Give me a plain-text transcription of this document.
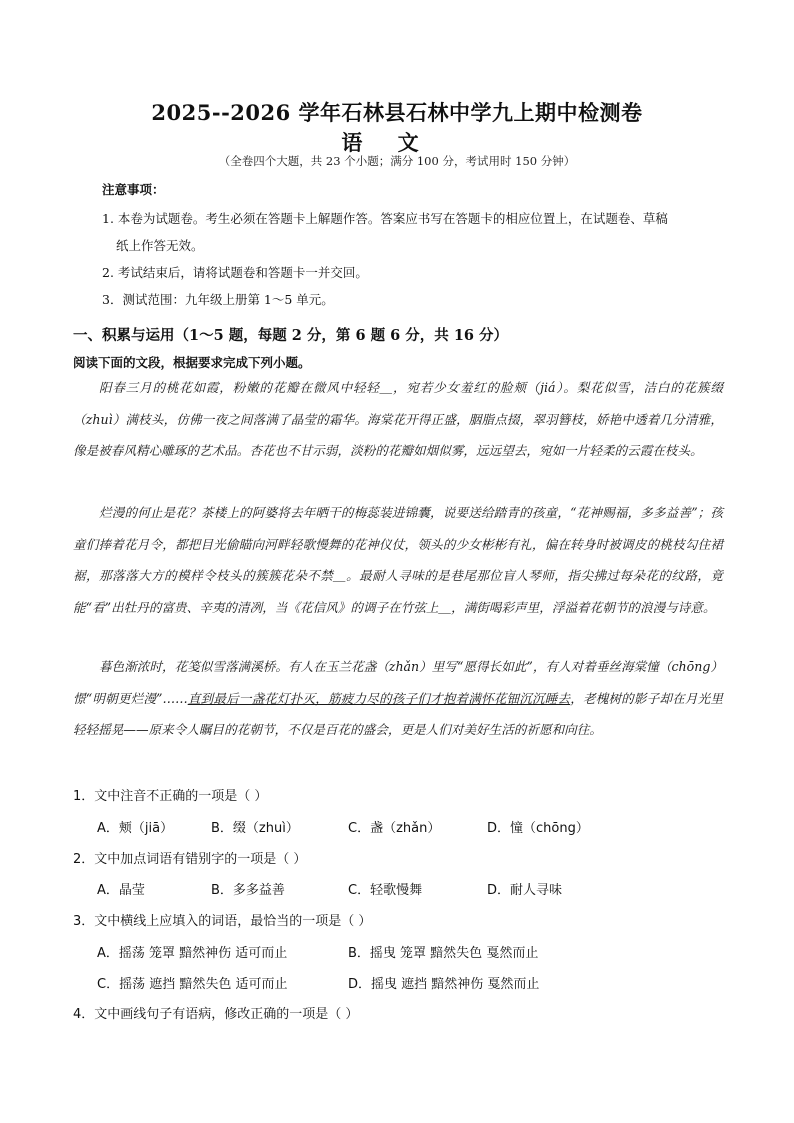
2025--2026 学年石林县石林中学九上期中检测卷
语 文
（全卷四个大题，共 23 个小题；满分 100 分，考试用时 150 分钟）
注意事项：
1. 本卷为试题卷。考生必须在答题卡上解题作答。答案应书写在答题卡的相应位置上，在试题卷、草稿
纸上作答无效。
2. 考试结束后，请将试题卷和答题卡一并交回。
3．测试范围：九年级上册第 1～5 单元。
一、积累与运用（1～5 题，每题 2 分，第 6 题 6 分，共 16 分）
阅读下面的文段，根据要求完成下列小题。
阳春三月的桃花如霞，粉嫩的花瓣在微风中轻轻＿，宛若少女羞红的脸颊（jiá）。梨花似雪，洁白的花簇缀（zhuì）满枝头，仿佛一夜之间落满了晶莹的霜华。海棠花开得正盛，胭脂点掇，翠羽簪枝，娇艳中透着几分清雅，像是被春风精心雕琢的艺术品。杏花也不甘示弱，淡粉的花瓣如烟似雾，远远望去，宛如一片轻柔的云霞在枝头。
烂漫的何止是花？茶楼上的阿婆将去年晒干的梅蕊装进锦囊，说要送给踏青的孩童，“花神赐福，多多益善”；孩童们捧着花月令，都把目光偷瞄向河畔轻歌慢舞的花神仪仗，领头的少女彬彬有礼，偏在转身时被调皮的桃枝勾住裙裾，那落落大方的模样令枝头的簇簇花朵不禁＿。最耐人寻味的是巷尾那位盲人琴师，指尖拂过每朵花的纹路，竟能“看”出牡丹的富贵、辛夷的清冽，当《花信风》的调子在竹弦上＿，满街喝彩声里，浮溢着花朝节的浪漫与诗意。
暮色渐浓时，花笺似雪落满溪桥。有人在玉兰花盏（zhǎn）里写“愿得长如此”，有人对着垂丝海棠憧（chōng）憬“明朝更烂漫”……直到最后一盏花灯扑灭，筋疲力尽的孩子们才抱着满怀花钿沉沉睡去，老槐树的影子却在月光里轻轻摇晃——原来令人瞩目的花朝节，不仅是百花的盛会，更是人们对美好生活的祈愿和向往。
1．文中注音不正确的一项是（ ）
A．颊（jiā）	B．缀（zhuì）	C．盏（zhǎn）	D．憧（chōng）
2．文中加点词语有错别字的一项是（ ）
A．晶莹	B．多多益善	C．轻歌慢舞	D．耐人寻味
3．文中横线上应填入的词语，最恰当的一项是（ ）
A．摇荡 笼罩 黯然神伤 适可而止	B．摇曳 笼罩 黯然失色 戛然而止
C．摇荡 遮挡 黯然失色 适可而止	D．摇曳 遮挡 黯然神伤 戛然而止
4．文中画线句子有语病，修改正确的一项是（ ）
